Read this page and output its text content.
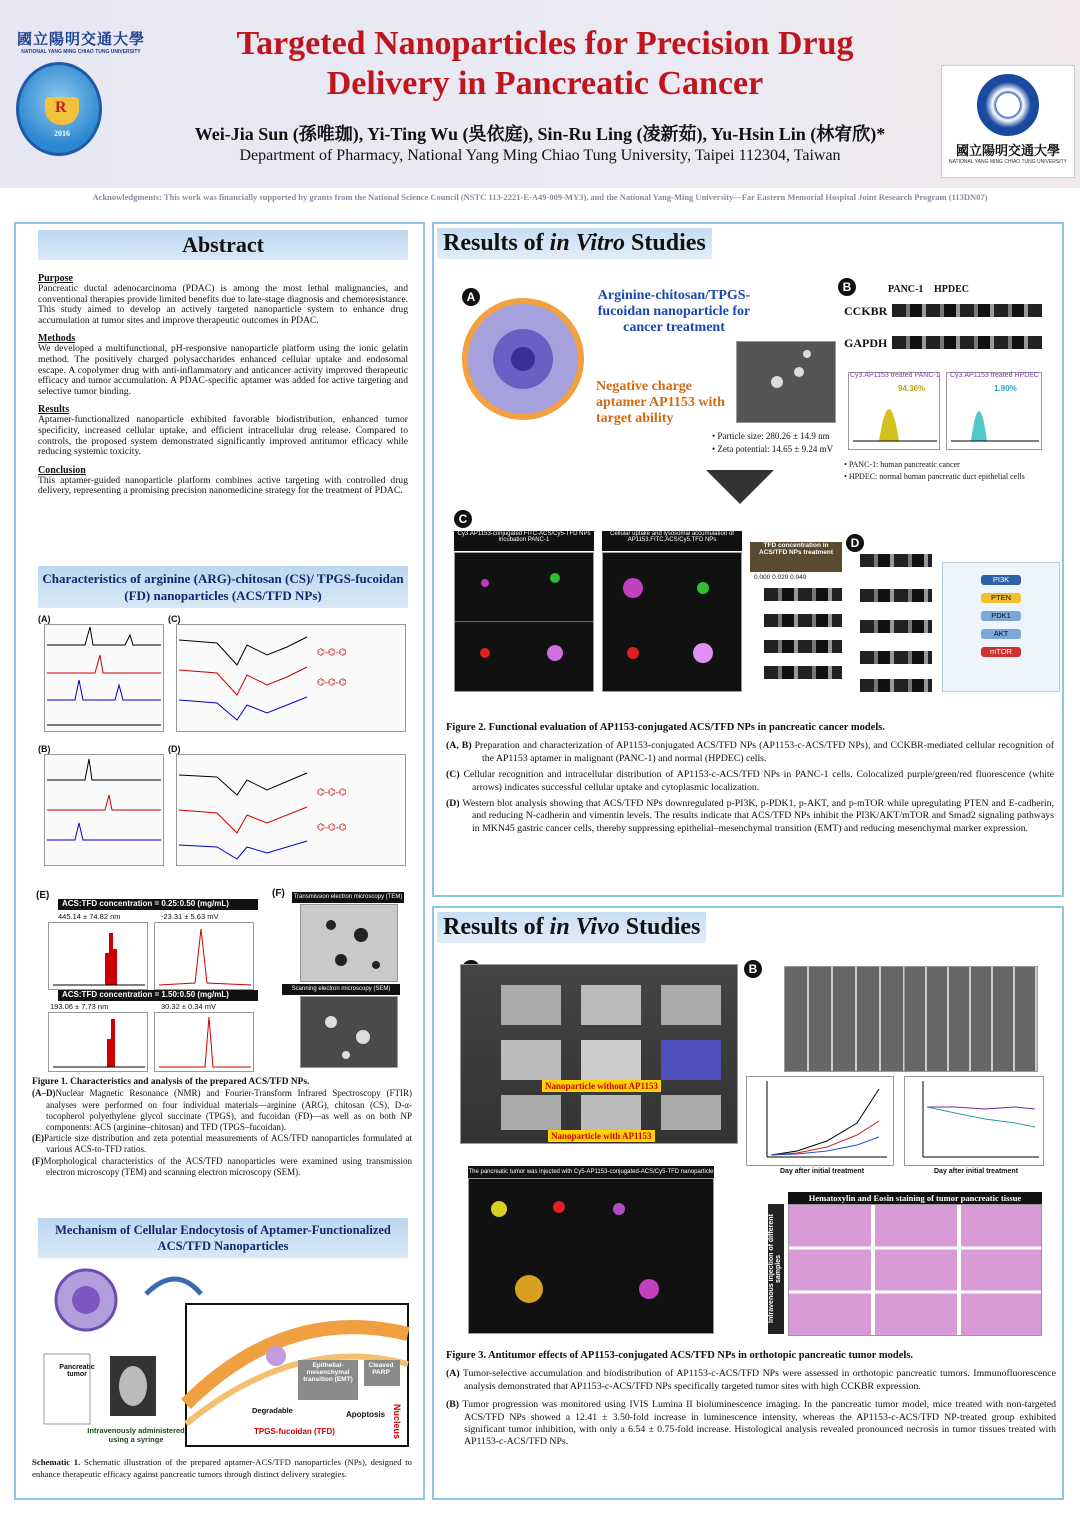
國立陽明交通大學
NATIONAL YANG MING CHIAO TUNG UNIVERSITY
R
2016
Targeted Nanoparticles for Precision Drug
Delivery in Pancreatic Cancer
Wei-Jia Sun (孫唯珈), Yi-Ting Wu (吳依庭), Sin-Ru Ling (凌新茹), Yu-Hsin Lin (林宥欣)*
Department of Pharmacy, National Yang Ming Chiao Tung University, Taipei 112304, Taiwan	國立陽明交通大學
NATIONAL YANG MING CHIAO TUNG UNIVERSITY
Acknowledgments: This work was financially supported by grants from the National Science Council (NSTC 113-2221-E-A49-009-MY3), and the National Yang-Ming University—Far Eastern Memorial Hospital Joint Research Program (113DN07)
Abstract
Purpose

Pancreatic ductal adenocarcinoma (PDAC) is among the most lethal malignancies, and conventional therapies provide limited benefits due to late-stage diagnosis and chemoresistance. This study aimed to develop an actively targeted nanoparticle system to enhance drug accumulation at tumor sites and improve therapeutic outcomes in PDAC.

Methods

We developed a multifunctional, pH-responsive nanoparticle platform using the ionic gelatin method. The positively charged polysaccharides enhanced cellular uptake and endosomal escape. A copolymer drug with anti-inflammatory and anticancer activity improved therapeutic efficacy and tumor accumulation. A PDAC-specific aptamer was added for active targeting and selective tumor binding.

Results

Aptamer-functionalized nanoparticle exhibited favorable biodistribution, enhanced tumor specificity, increased cellular uptake, and efficient intracellular drug release. Compared to controls, the proposed system demonstrated significantly improved antitumor efficacy while reducing systemic toxicity.

Conclusion

This aptamer-guided nanoparticle platform combines active targeting with controlled drug delivery, representing a promising precision nanomedicine strategy for the treatment of PDAC.

Characteristics of arginine (ARG)-chitosan (CS)/ TPGS-fucoidan (FD) nanoparticles (ACS/TFD NPs)
(A)	(C)
⌬-⌬-⌬
⌬-⌬-⌬
(B)	(D)
⌬-⌬-⌬
⌬-⌬-⌬
(E)
ACS:TFD concentration = 0.25:0.50 (mg/mL)
445.14 ± 74.82 nm	-23.31 ± 5.63 mV
ACS:TFD concentration = 1.50:0.50 (mg/mL)
193.06 ± 7.73 nm	30.32 ± 0.34 mV
(F) Transmission electron microscopy (TEM)
Scanning electron microscopy (SEM)
Figure 1. Characteristics and analysis of the prepared ACS/TFD NPs.
(A–D)Nuclear Magnetic Resonance (NMR) and Fourier-Transform Infrared Spectroscopy (FTIR) analyses were performed on four individual materials—arginine (ARG), chitosan (CS), D-α-tocopherol polyethylene glycol succinate (TPGS), and fucoidan (FD)—as well as on both NP components: ACS (arginine–chitosan) and TFD (TPGS–fucoidan).
(E)Particle size distribution and zeta potential measurements of ACS/TFD nanoparticles formulated at various ACS-to-TFD ratios.
(F)Morphological characteristics of the ACS/TFD nanoparticles were examined using transmission electron microscopy (TEM) and scanning electron microscopy (SEM).
Mechanism of Cellular Endocytosis of Aptamer-Functionalized ACS/TFD Nanoparticles
Pancreatic tumor
Intravenously administered using a syringe
Epithelial-mesenchymal transition (EMT)
Cleaved PARP
Apoptosis Nucleus
Degradable
TPGS-fucoidan (TFD)
Schematic 1. Schematic illustration of the prepared aptamer-ACS/TFD nanoparticles (NPs), designed to enhance therapeutic efficacy against pancreatic tumors through distinct delivery strategies.
Results of in Vitro Studies
A	Arginine-chitosan/TPGS-fucoidan nanoparticle for cancer treatment
Negative charge aptamer AP1153 with target ability
• Particle size: 280.26 ± 14.9 nm
• Zeta potential: 14.65 ± 9.24 mV
B	PANC-1 HPDEC
CCKBR
GAPDH
Cy3.AP1153 treated PANC-1
94.36%
Cy3.AP1153 treated HPDEC
1.90%
• PANC-1: human pancreatic cancer
• HPDEC: normal human pancreatic duct epithelial cells
C
Cy3.AP1153-conjugated FITC-ACS/Cy5-TFD NPs incubation PANC-1
Cellular uptake and lysosomal accumulation of AP1153.FITC.ACS/Cy5.TFD NPs	D
TFD concentration in ACS/TFD NPs treatment
0.000 0.020 0.040	PI3K
PTEN
PDK1
AKT
mTOR
Figure 2. Functional evaluation of AP1153-conjugated ACS/TFD NPs in pancreatic cancer models.
(A, B) Preparation and characterization of AP1153-conjugated ACS/TFD NPs (AP1153-c-ACS/TFD NPs), and CCKBR-mediated cellular recognition of the AP1153 aptamer in malignant (PANC-1) and normal (HPDEC) cells.
(C) Cellular recognition and intracellular distribution of AP1153-c-ACS/TFD NPs in PANC-1 cells. Colocalized purple/green/red fluorescence (white arrows) indicates successful cellular uptake and cytoplasmic localization.
(D) Western blot analysis showing that ACS/TFD NPs downregulated p-PI3K, p-PDK1, p-AKT, and p-mTOR while upregulating PTEN and E-cadherin, and reducing N-cadherin and vimentin levels. The results indicate that ACS/TFD NPs inhibit the PI3K/AKT/mTOR and Smad2 signaling pathways in MKN45 gastric cancer cells, thereby suppressing epithelial–mesenchymal transition (EMT) and reducing mesenchymal marker expression.
Results of in Vivo Studies
Nanoparticle without AP1153
Nanoparticle with AP1153
The pancreatic tumor was injected with Cy5-AP1153-conjugated-ACS/Cy5-TFD nanoparticle
B
Day after initial treatment	Day after initial treatment
Hematoxylin and Eosin staining of tumor pancreatic tissue
Intravenous injection of different samples
Figure 3. Antitumor effects of AP1153-conjugated ACS/TFD NPs in orthotopic pancreatic tumor models.
(A) Tumor-selective accumulation and biodistribution of AP1153-c-ACS/TFD NPs were assessed in orthotopic pancreatic tumors. Immunofluorescence analysis demonstrated that AP1153-c-ACS/TFD NPs specifically targeted tumor sites with high CCKBR expression.
(B) Tumor progression was monitored using IVIS Lumina II bioluminescence imaging. In the pancreatic tumor model, mice treated with non-targeted ACS/TFD NPs showed a 12.41 ± 3.50-fold increase in luminescence intensity, whereas the AP1153-c-ACS/TFD NP-treated group exhibited significant tumor inhibition, with only a 6.54 ± 0.75-fold increase. Histological analysis revealed pronounced necrosis in tumor tissues treated with AP1153-c-ACS/TFD NPs.
